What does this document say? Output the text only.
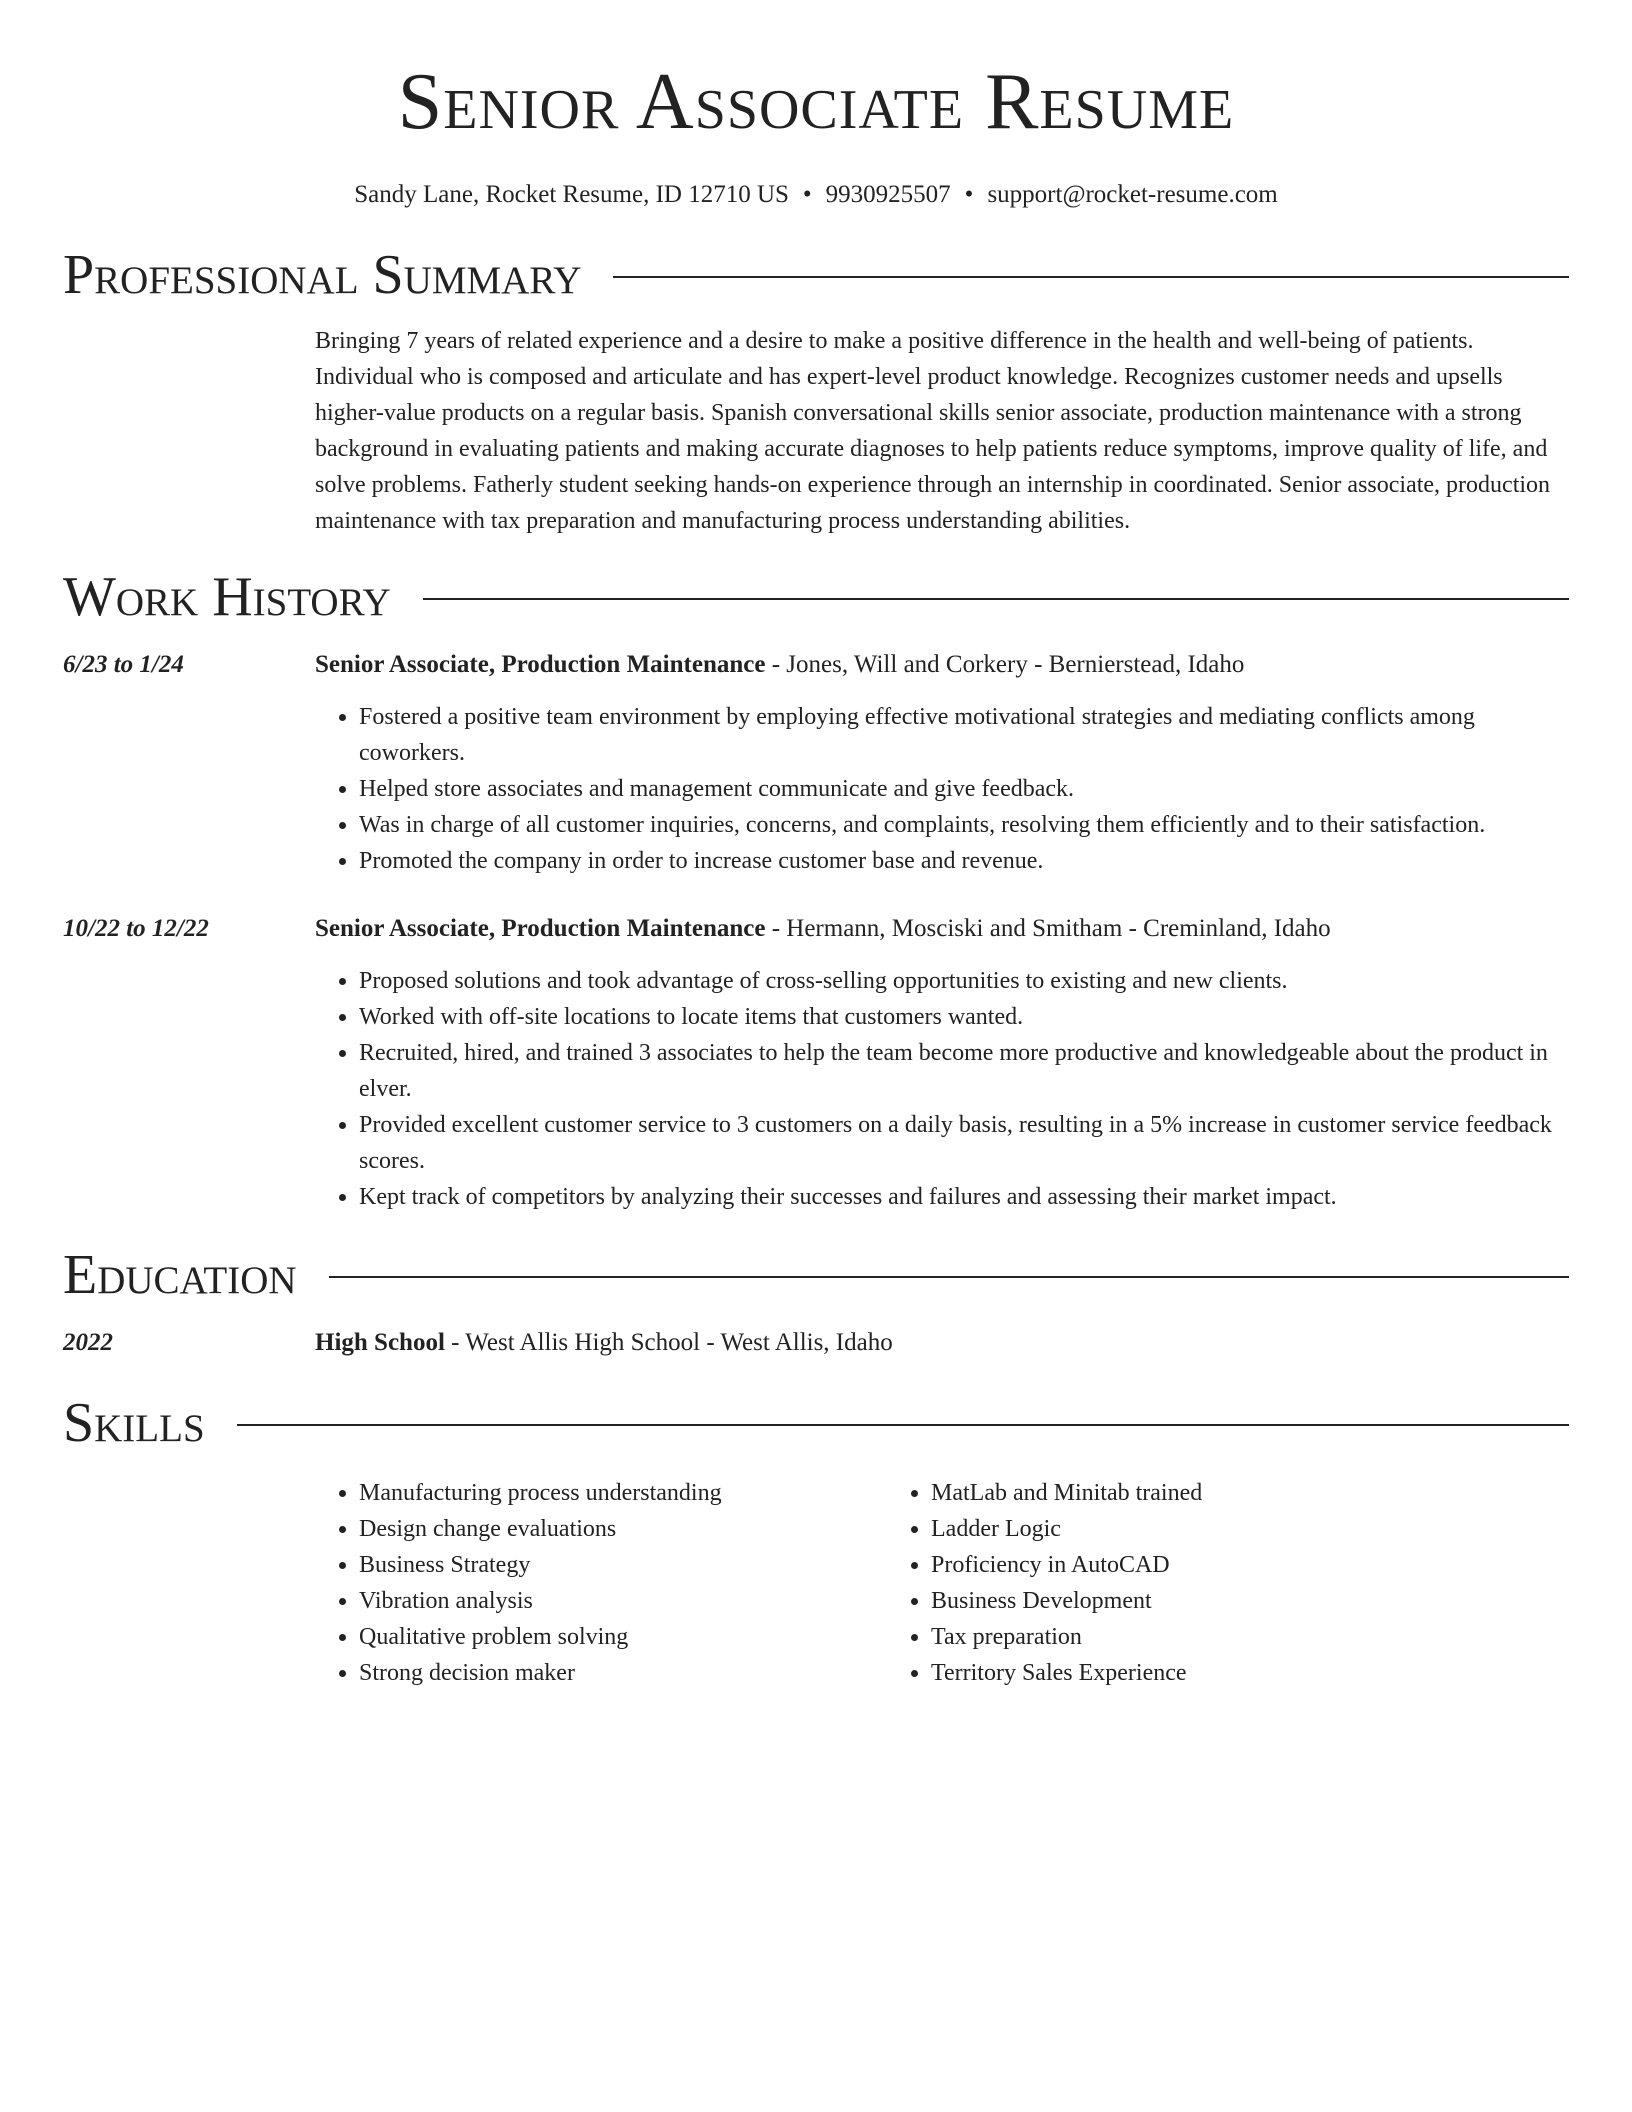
Senior Associate Resume
Sandy Lane, Rocket Resume, ID 12710 US • 9930925507 • support@rocket-resume.com
Professional Summary
Bringing 7 years of related experience and a desire to make a positive difference in the health and well-being of patients. Individual who is composed and articulate and has expert-level product knowledge. Recognizes customer needs and upsells higher-value products on a regular basis. Spanish conversational skills senior associate, production maintenance with a strong background in evaluating patients and making accurate diagnoses to help patients reduce symptoms, improve quality of life, and solve problems. Fatherly student seeking hands-on experience through an internship in coordinated. Senior associate, production maintenance with tax preparation and manufacturing process understanding abilities.
Work History
6/23 to 1/24	Senior Associate, Production Maintenance - Jones, Will and Corkery - Bernierstead, Idaho
• Fostered a positive team environment by employing effective motivational strategies and mediating conflicts among coworkers.
• Helped store associates and management communicate and give feedback.
• Was in charge of all customer inquiries, concerns, and complaints, resolving them efficiently and to their satisfaction.
• Promoted the company in order to increase customer base and revenue.
10/22 to 12/22	Senior Associate, Production Maintenance - Hermann, Mosciski and Smitham - Creminland, Idaho
• Proposed solutions and took advantage of cross-selling opportunities to existing and new clients.
• Worked with off-site locations to locate items that customers wanted.
• Recruited, hired, and trained 3 associates to help the team become more productive and knowledgeable about the product in elver.
• Provided excellent customer service to 3 customers on a daily basis, resulting in a 5% increase in customer service feedback scores.
• Kept track of competitors by analyzing their successes and failures and assessing their market impact.
Education
2022	High School - West Allis High School - West Allis, Idaho
Skills
• Manufacturing process understanding
• Design change evaluations
• Business Strategy
• Vibration analysis
• Qualitative problem solving
• Strong decision maker
• MatLab and Minitab trained
• Ladder Logic
• Proficiency in AutoCAD
• Business Development
• Tax preparation
• Territory Sales Experience
